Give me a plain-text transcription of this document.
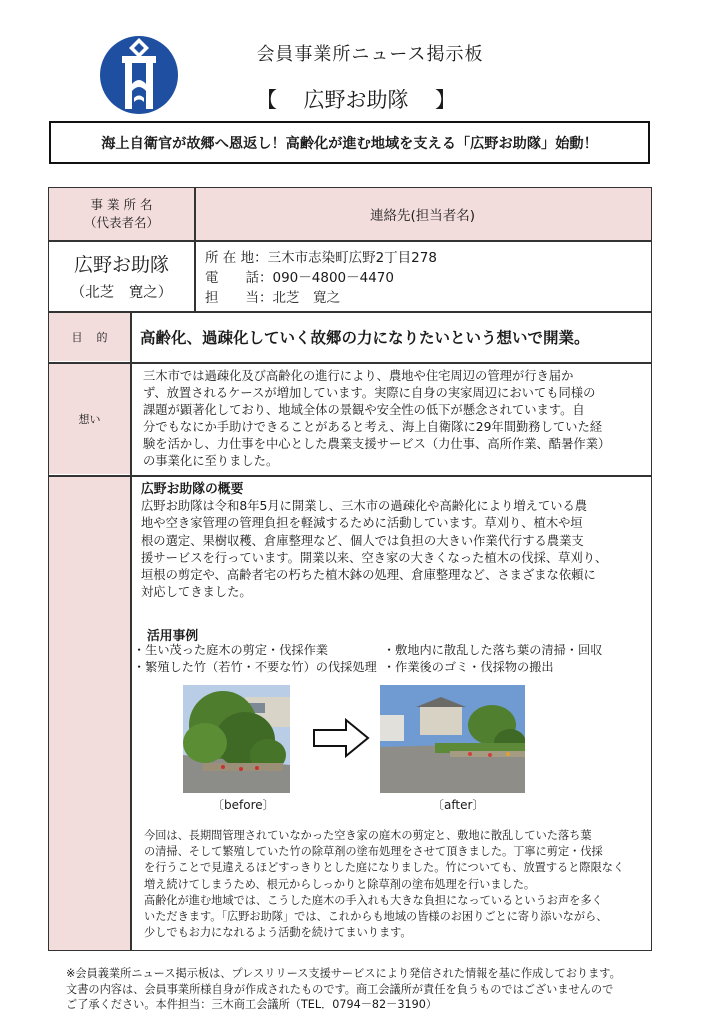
会員事業所ニュース掲示板
【 広野お助隊 】
海上自衛官が故郷へ恩返し！高齢化が進む地域を支える「広野お助隊」始動！
事 業 所 名
（代表者名）	連絡先(担当者名)
広野お助隊
（北芝　寛之）
所 在 地：三木市志染町広野2丁目278
電　　話：090－4800－4470
担　　当：北芝　寛之
目的	高齢化、過疎化していく故郷の力になりたいという想いで開業。
想い
三木市では過疎化及び高齢化の進行により、農地や住宅周辺の管理が行き届か
ず、放置されるケースが増加しています。実際に自身の実家周辺においても同様の
課題が顕著化しており、地域全体の景観や安全性の低下が懸念されています。自
分でもなにか手助けできることがあると考え、海上自衛隊に29年間勤務していた経
験を活かし、力仕事を中心とした農業支援サービス（力仕事、高所作業、酷暑作業）
の事業化に至りました。
広野お助隊の概要
広野お助隊は令和8年5月に開業し、三木市の過疎化や高齢化により増えている農
地や空き家管理の管理負担を軽減するために活動しています。草刈り、植木や垣
根の選定、果樹収穫、倉庫整理など、個人では負担の大きい作業代行する農業支
援サービスを行っています。開業以来、空き家の大きくなった植木の伐採、草刈り、
垣根の剪定や、高齢者宅の朽ちた植木鉢の処理、倉庫整理など、さまざまな依頼に
対応してきました。
活用事例
・生い茂った庭木の剪定・伐採作業	・敷地内に散乱した落ち葉の清掃・回収
・繁殖した竹（若竹・不要な竹）の伐採処理 ・作業後のゴミ・伐採物の搬出
〔before〕	〔after〕
今回は、長期間管理されていなかった空き家の庭木の剪定と、敷地に散乱していた落ち葉
の清掃、そして繁殖していた竹の除草剤の塗布処理をさせて頂きました。丁寧に剪定・伐採
を行うことで見違えるほどすっきりとした庭になりました。竹についても、放置すると際限なく
増え続けてしまうため、根元からしっかりと除草剤の塗布処理を行いました。
高齢化が進む地域では、こうした庭木の手入れも大きな負担になっているというお声を多く
いただきます。「広野お助隊」では、これからも地域の皆様のお困りごとに寄り添いながら、
少しでもお力になれるよう活動を続けてまいります。
※会員義業所ニュース掲示板は、プレスリリース支援サービスにより発信された情報を基に作成しております。
文書の内容は、会員事業所様自身が作成されたものです。商工会議所が責任を負うものではございませんので
ご了承ください。本件担当：三木商工会議所（TEL．0794－82－3190）
